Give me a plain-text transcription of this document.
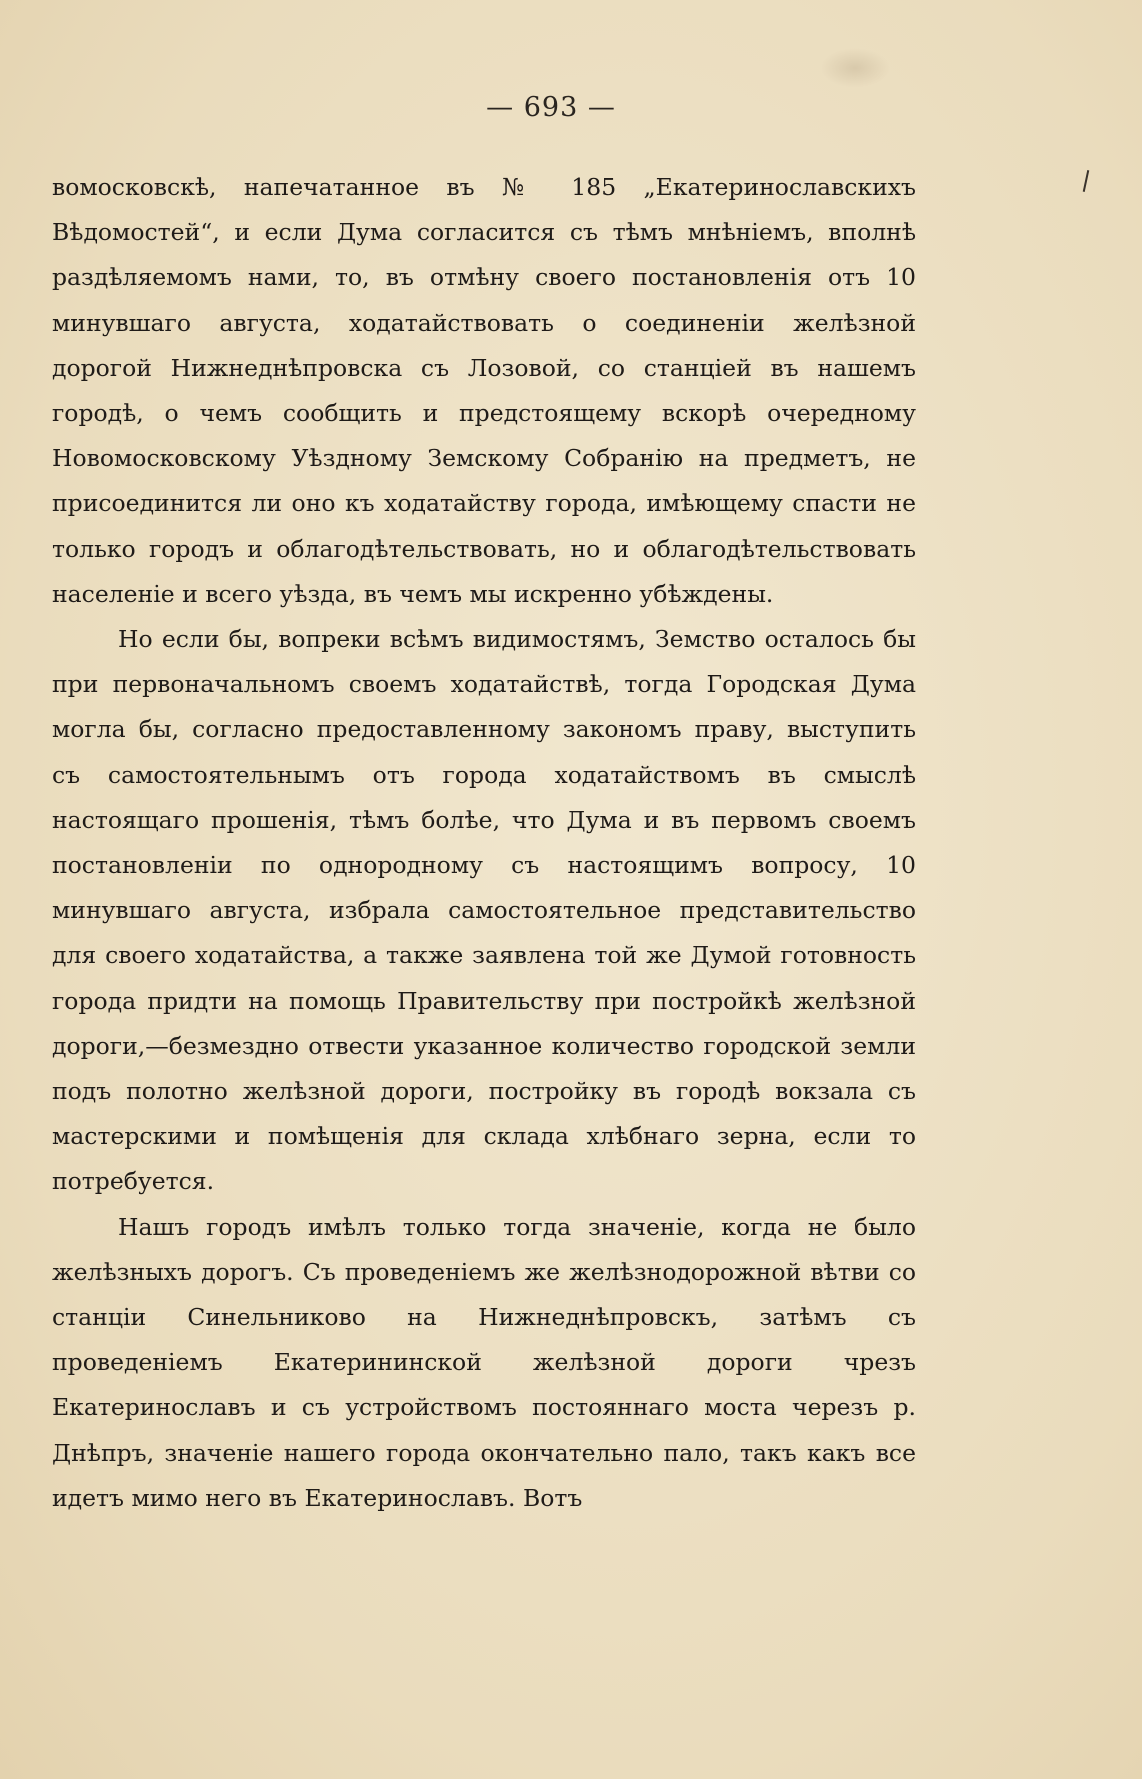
— 693 —

вомосковскѣ, напечатанное въ № 185 „Екатеринославскихъ Вѣдомостей“, и если Дума согласится съ тѣмъ мнѣніемъ, вполнѣ раздѣляемомъ нами, то, въ отмѣну своего постановленія отъ 10 минувшаго августа, ходатайствовать о соединеніи желѣзной дорогой Нижнеднѣпровска съ Лозовой, со станціей въ нашемъ городѣ, о чемъ сообщить и предстоящему вскорѣ очередному Новомосковскому Уѣздному Земскому Собранію на предметъ, не присоединится ли оно къ ходатайству города, имѣющему спасти не только городъ и облагодѣтельствовать, но и облагодѣтельствовать населеніе и всего уѣзда, въ чемъ мы искренно убѣждены.

Но если бы, вопреки всѣмъ видимостямъ, Земство осталось бы при первоначальномъ своемъ ходатайствѣ, тогда Городская Дума могла бы, согласно предоставленному закономъ праву, выступить съ самостоятельнымъ отъ города ходатайствомъ въ смыслѣ настоящаго прошенія, тѣмъ болѣе, что Дума и въ первомъ своемъ постановленіи по однородному съ настоящимъ вопросу, 10 минувшаго августа, избрала самостоятельное представительство для своего ходатайства, а также заявлена той же Думой готовность города придти на помощь Правительству при постройкѣ желѣзной дороги,—безмездно отвести указанное количество городской земли подъ полотно желѣзной дороги, постройку въ городѣ вокзала съ мастерскими и помѣщенія для склада хлѣбнаго зерна, если то потребуется.

Нашъ городъ имѣлъ только тогда значеніе, когда не было желѣзныхъ дорогъ. Съ проведеніемъ же желѣзнодорожной вѣтви со станціи Синельниково на Нижнеднѣпровскъ, затѣмъ съ проведеніемъ Екатерининской желѣзной дороги чрезъ Екатеринославъ и съ устройствомъ постояннаго моста черезъ р. Днѣпръ, значеніе нашего города окончательно пало, такъ какъ все идетъ мимо него въ Екатеринославъ. Вотъ
